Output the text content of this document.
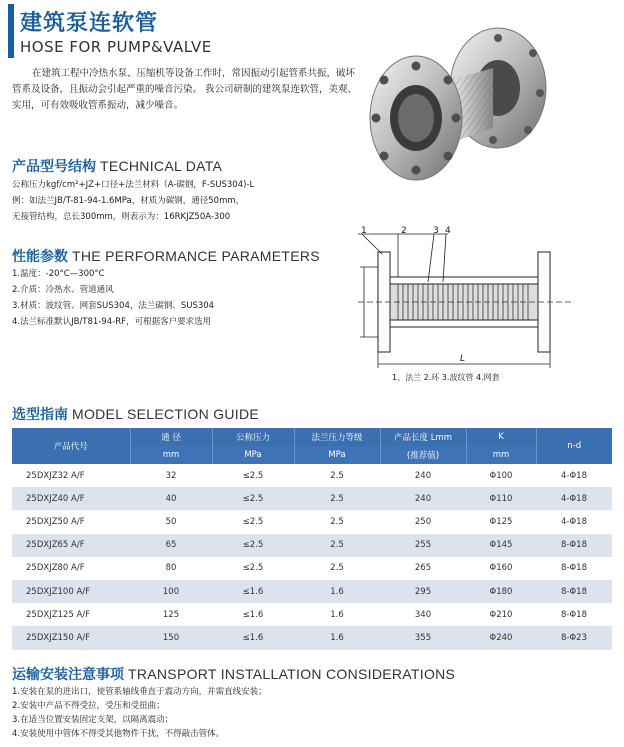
建筑泵连软管
HOSE FOR PUMP&VALVE
在建筑工程中冷热水泵、压缩机等设备工作时，常因振动引起管系共振，破坏管系及设备，且振动会引起严重的噪音污染。 我公司研制的建筑泵连软管，美观、实用，可有效吸收管系振动，减少噪音。
产品型号结构 TECHNICAL DATA
公称压力kgf/cm²+JZ+口径+法兰材料（A-碳钢，F-SUS304)-L
例：如法兰JB/T-81-94-1.6MPa，材质为碳钢，通径50mm，
无接管结构，总长300mm，则表示为：16RKJZ50A-300
性能参数 THE PERFORMANCE PARAMETERS
1.温度：-20°C—300°C
2.介质：冷热水、管道通风
3.材质：波纹管、网套SUS304，法兰碳钢、SUS304
4.法兰标准默认JB/T81-94-RF，可根据客户要求选用
1	2	3 4
L
1、法兰 2.环 3.波纹管 4.网套
选型指南 MODEL SELECTION GUIDE
产品代号	通 径	公称压力	法兰压力等级	产品长度 Lmm	K	n-d
	mm	MPa	MPa	(推荐值)	mm	
25DXJZ32 A/F	32	≤2.5	2.5	240	Φ100	4-Φ18
25DXJZ40 A/F	40	≤2.5	2.5	240	Φ110	4-Φ18
25DXJZ50 A/F	50	≤2.5	2.5	250	Φ125	4-Φ18
25DXJZ65 A/F	65	≤2.5	2.5	255	Φ145	8-Φ18
25DXJZ80 A/F	80	≤2.5	2.5	265	Φ160	8-Φ18
25DXJZ100 A/F	100	≤1.6	1.6	295	Φ180	8-Φ18
25DXJZ125 A/F	125	≤1.6	1.6	340	Φ210	8-Φ18
25DXJZ150 A/F	150	≤1.6	1.6	355	Φ240	8-Φ23
运输安装注意事项 TRANSPORT INSTALLATION CONSIDERATIONS
1.安装在泵的进出口，使管系轴线垂直于震动方向，并需直线安装；
2.安装中产品不得受拉，受压和受扭曲；
3.在适当位置安装固定支架，以隔离震动；
4.安装使用中管体不得受其他物件干扰，不得敲击管体。
